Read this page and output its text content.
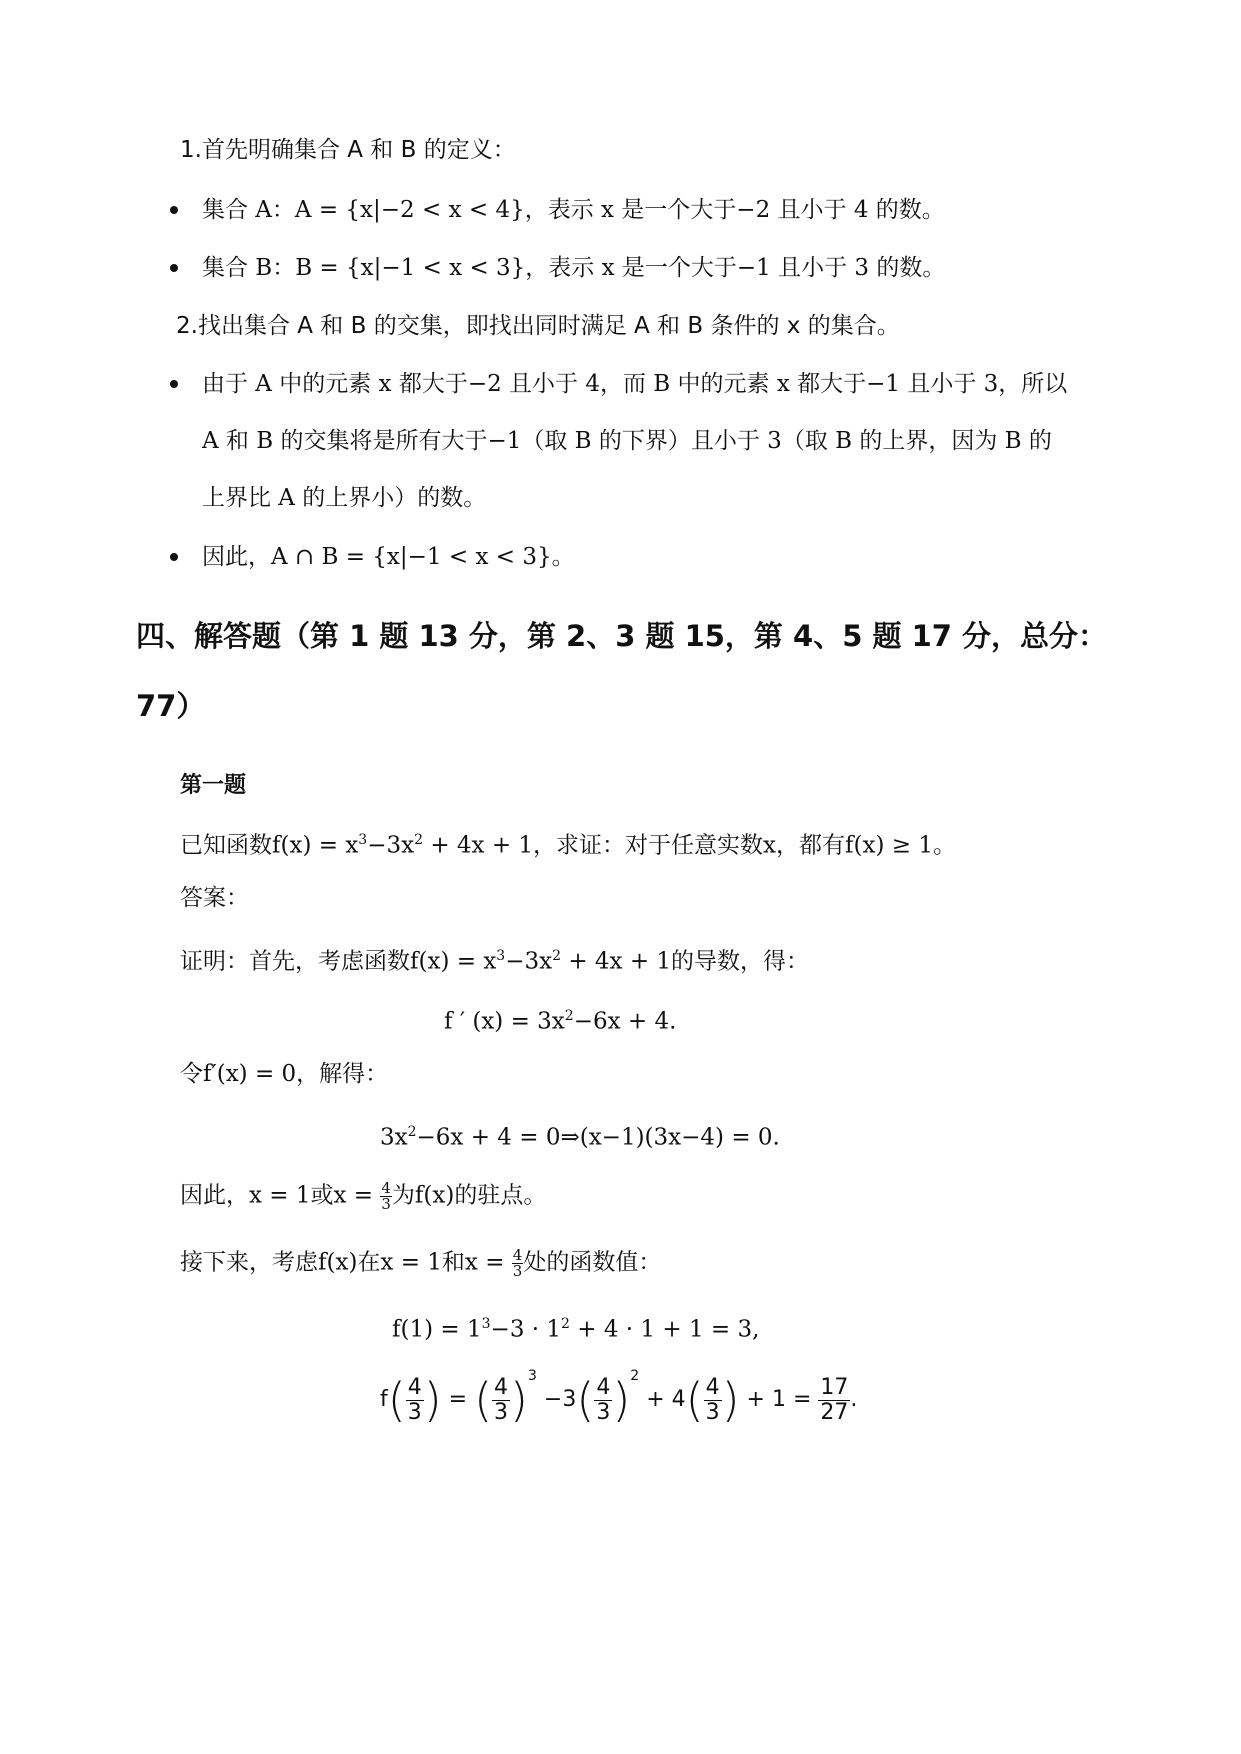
1.首先明确集合 A 和 B 的定义：
集合 A：A = {x|−2 < x < 4}，表示 x 是一个大于−2 且小于 4 的数。
集合 B：B = {x|−1 < x < 3}，表示 x 是一个大于−1 且小于 3 的数。
2.找出集合 A 和 B 的交集，即找出同时满足 A 和 B 条件的 x 的集合。
由于 A 中的元素 x 都大于−2 且小于 4，而 B 中的元素 x 都大于−1 且小于 3，所以
A 和 B 的交集将是所有大于−1（取 B 的下界）且小于 3（取 B 的上界，因为 B 的
上界比 A 的上界小）的数。
因此，A ∩ B = {x|−1 < x < 3}。
四、解答题（第 1 题 13 分，第 2、3 题 15，第 4、5 题 17 分，总分：
77）
第一题
已知函数$f(x) = x^3-3x^2 + 4x + 1$，求证：对于任意实数x，都有f(x) ≥ 1。
答案：
证明：首先，考虑函数$f(x) = x^3-3x^2 + 4x + 1$的导数，得：
f ′ $(x) = 3x^2-6x + 4$.
令f′(x) = 0，解得：
$3x^2-6x + 4$ = 0⇒(x−1)(3x−4) = 0.
因此，x = 1或$x = \frac{4}{3}$ 为f(x)的驻点。
接下来，考虑f(x)在x = 1和$x = \frac{4}{3}$ 处的函数值：
$f(1) = 1^3-3 \cdot 1^2 + 4 \cdot 1 + 1 = 3$,
$f( \frac{4}{3}$ ) = ( $\frac{4}{3} )^3 -3( \frac{4}{3} )^2 + 4( \frac{4}{3}$ ) + $1 = \frac{17}{27}$ .
